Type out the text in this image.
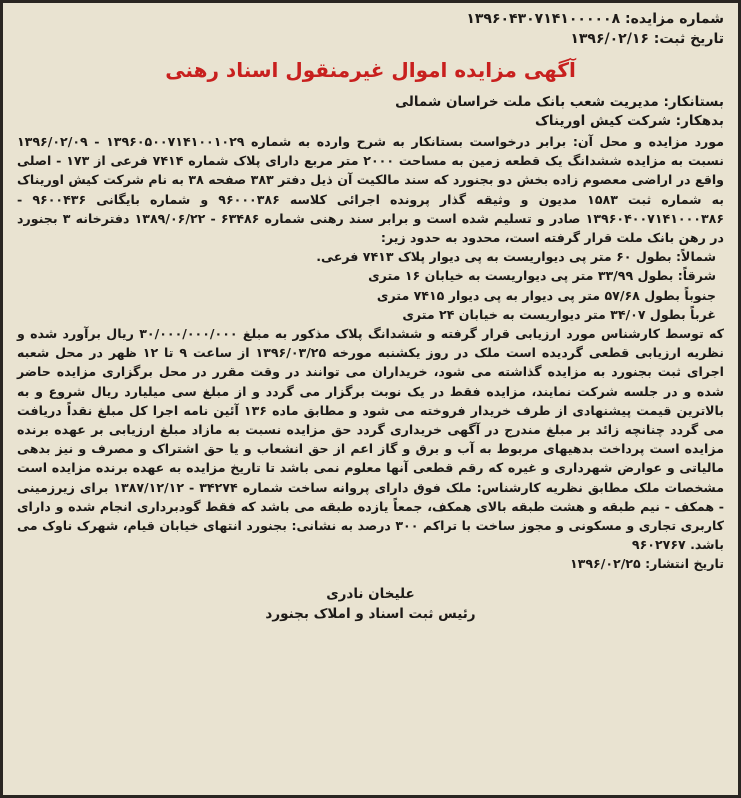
شماره مزایده: ۱۳۹۶۰۴۳۰۷۱۴۱۰۰۰۰۰۸
تاریخ ثبت: ۱۳۹۶/۰۲/۱۶
آگهی مزایده اموال غیرمنقول اسناد رهنی
بستانکار: مدیریت شعب بانک ملت خراسان شمالی
بدهکار: شرکت کیش اوریناک

مورد مزایده و محل آن: برابر درخواست بستانکار به شرح وارده به شماره ۱۳۹۶۰۵۰۰۷۱۴۱۰۰۱۰۲۹ - ۱۳۹۶/۰۲/۰۹ نسبت به مزایده ششدانگ یک قطعه زمین به مساحت ۲۰۰۰ متر مربع دارای پلاک شماره ۷۴۱۴ فرعی از ۱۷۳ - اصلی واقع در اراضی معصوم زاده بخش دو بجنورد که سند مالکیت آن ذیل دفتر ۳۸۳ صفحه ۳۸ به نام شرکت کیش اوریناک به شماره ثبت ۱۵۸۳ مدیون و وثیقه گذار پرونده اجرائی کلاسه ۹۶۰۰۰۳۸۶ و شماره بایگانی ۹۶۰۰۴۳۶ - ۱۳۹۶۰۴۰۰۷۱۴۱۰۰۰۳۸۶ صادر و تسلیم شده است و برابر سند رهنی شماره ۶۳۴۸۶ - ۱۳۸۹/۰۶/۲۲ دفترخانه ۳ بجنورد در رهن بانک ملت قرار گرفته است، محدود به حدود زیر:

شمالاً: بطول ۶۰ متر پی دیواریست به پی دیوار پلاک ۷۴۱۳ فرعی.

شرقاً: بطول ۳۳/۹۹ متر پی دیواریست به خیابان ۱۶ متری

جنوباً بطول ۵۷/۶۸ متر پی دیوار به پی دیوار ۷۴۱۵ متری

غرباً بطول ۳۴/۰۷ متر دیواریست به خیابان ۲۴ متری

که توسط کارشناس مورد ارزیابی قرار گرفته و ششدانگ پلاک مذکور به مبلغ ۳۰/۰۰۰/۰۰۰/۰۰۰ ریال برآورد شده و نظریه ارزیابی قطعی گردیده است ملک در روز یکشنبه مورخه ۱۳۹۶/۰۳/۲۵ از ساعت ۹ تا ۱۲ ظهر در محل شعبه اجرای ثبت بجنورد به مزایده گذاشته می شود، خریداران می توانند در وقت مقرر در محل برگزاری مزایده حاضر شده و در جلسه شرکت نمایند، مزایده فقط در یک نوبت برگزار می گردد و از مبلغ سی میلیارد ریال شروع و به بالاترین قیمت پیشنهادی از طرف خریدار فروخته می شود و مطابق ماده ۱۳۶ آئین نامه اجرا کل مبلغ نقداً دریافت می گردد چنانچه زائد بر مبلغ مندرج در آگهی خریداری گردد حق مزایده نسبت به مازاد مبلغ ارزیابی بر عهده برنده مزایده است پرداخت بدهیهای مربوط به آب و برق و گاز اعم از حق انشعاب و یا حق اشتراک و مصرف و نیز بدهی مالیاتی و عوارض شهرداری و غیره که رقم قطعی آنها معلوم نمی باشد تا تاریخ مزایده به عهده برنده مزایده است مشخصات ملک مطابق نظریه کارشناس: ملک فوق دارای پروانه ساخت شماره ۳۴۲۷۴ - ۱۳۸۷/۱۲/۱۲ برای زیرزمینی - همکف - نیم طبقه و هشت طبقه بالای همکف، جمعاً یازده طبقه می باشد که فقط گودبرداری انجام شده و دارای کاربری تجاری و مسکونی و مجوز ساخت با تراکم ۳۰۰ درصد به نشانی: بجنورد انتهای خیابان قیام، شهرک ناوک می باشد. ۹۶۰۲۷۶۷

تاریخ انتشار: ۱۳۹۶/۰۲/۲۵

علیخان نادری
رئیس ثبت اسناد و املاک بجنورد
